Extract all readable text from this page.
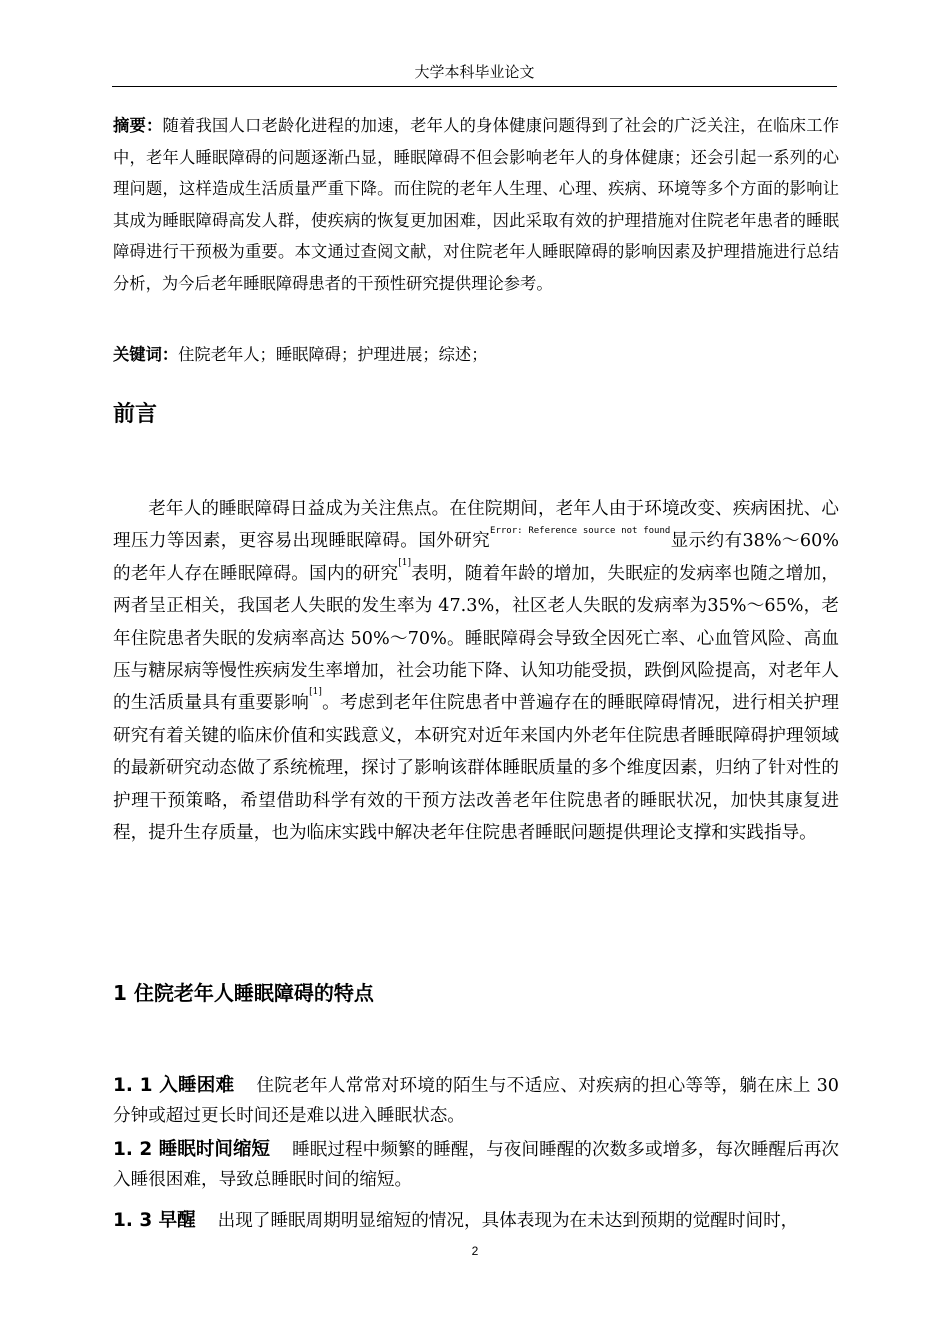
大学本科毕业论文
摘要：随着我国人口老龄化进程的加速，老年人的身体健康问题得到了社会的广泛关注，在临床工作中，老年人睡眠障碍的问题逐渐凸显，睡眠障碍不但会影响老年人的身体健康；还会引起一系列的心理问题，这样造成生活质量严重下降。而住院的老年人生理、心理、疾病、环境等多个方面的影响让其成为睡眠障碍高发人群，使疾病的恢复更加困难，因此采取有效的护理措施对住院老年患者的睡眠障碍进行干预极为重要。本文通过查阅文献，对住院老年人睡眠障碍的影响因素及护理措施进行总结分析，为今后老年睡眠障碍患者的干预性研究提供理论参考。
关键词：住院老年人；睡眠障碍；护理进展；综述；
前言

老年人的睡眠障碍日益成为关注焦点。在住院期间，老年人由于环境改变、疾病困扰、心理压力等因素，更容易出现睡眠障碍。国外研究$^{Error: Reference source not found}$显示约有38%～60%的老年人存在睡眠障碍。国内的研究[1]表明，随着年龄的增加，失眠症的发病率也随之增加，两者呈正相关，我国老人失眠的发生率为 47.3%，社区老人失眠的发病率为35%～65%，老年住院患者失眠的发病率高达 50%～70%。睡眠障碍会导致全因死亡率、心血管风险、高血压与糖尿病等慢性疾病发生率增加，社会功能下降、认知功能受损，跌倒风险提高，对老年人的生活质量具有重要影响[1]。考虑到老年住院患者中普遍存在的睡眠障碍情况，进行相关护理研究有着关键的临床价值和实践意义，本研究对近年来国内外老年住院患者睡眠障碍护理领域的最新研究动态做了系统梳理，探讨了影响该群体睡眠质量的多个维度因素，归纳了针对性的护理干预策略，希望借助科学有效的干预方法改善老年住院患者的睡眠状况，加快其康复进程，提升生存质量，也为临床实践中解决老年住院患者睡眠问题提供理论支撑和实践指导。

1 住院老年人睡眠障碍的特点
1. 1 入睡困难 住院老年人常常对环境的陌生与不适应、对疾病的担心等等，躺在床上 30 分钟或超过更长时间还是难以进入睡眠状态。
1. 2 睡眠时间缩短 睡眠过程中频繁的睡醒，与夜间睡醒的次数多或增多，每次睡醒后再次入睡很困难，导致总睡眠时间的缩短。
1. 3 早醒 出现了睡眠周期明显缩短的情况，具体表现为在未达到预期的觉醒时间时，
2
